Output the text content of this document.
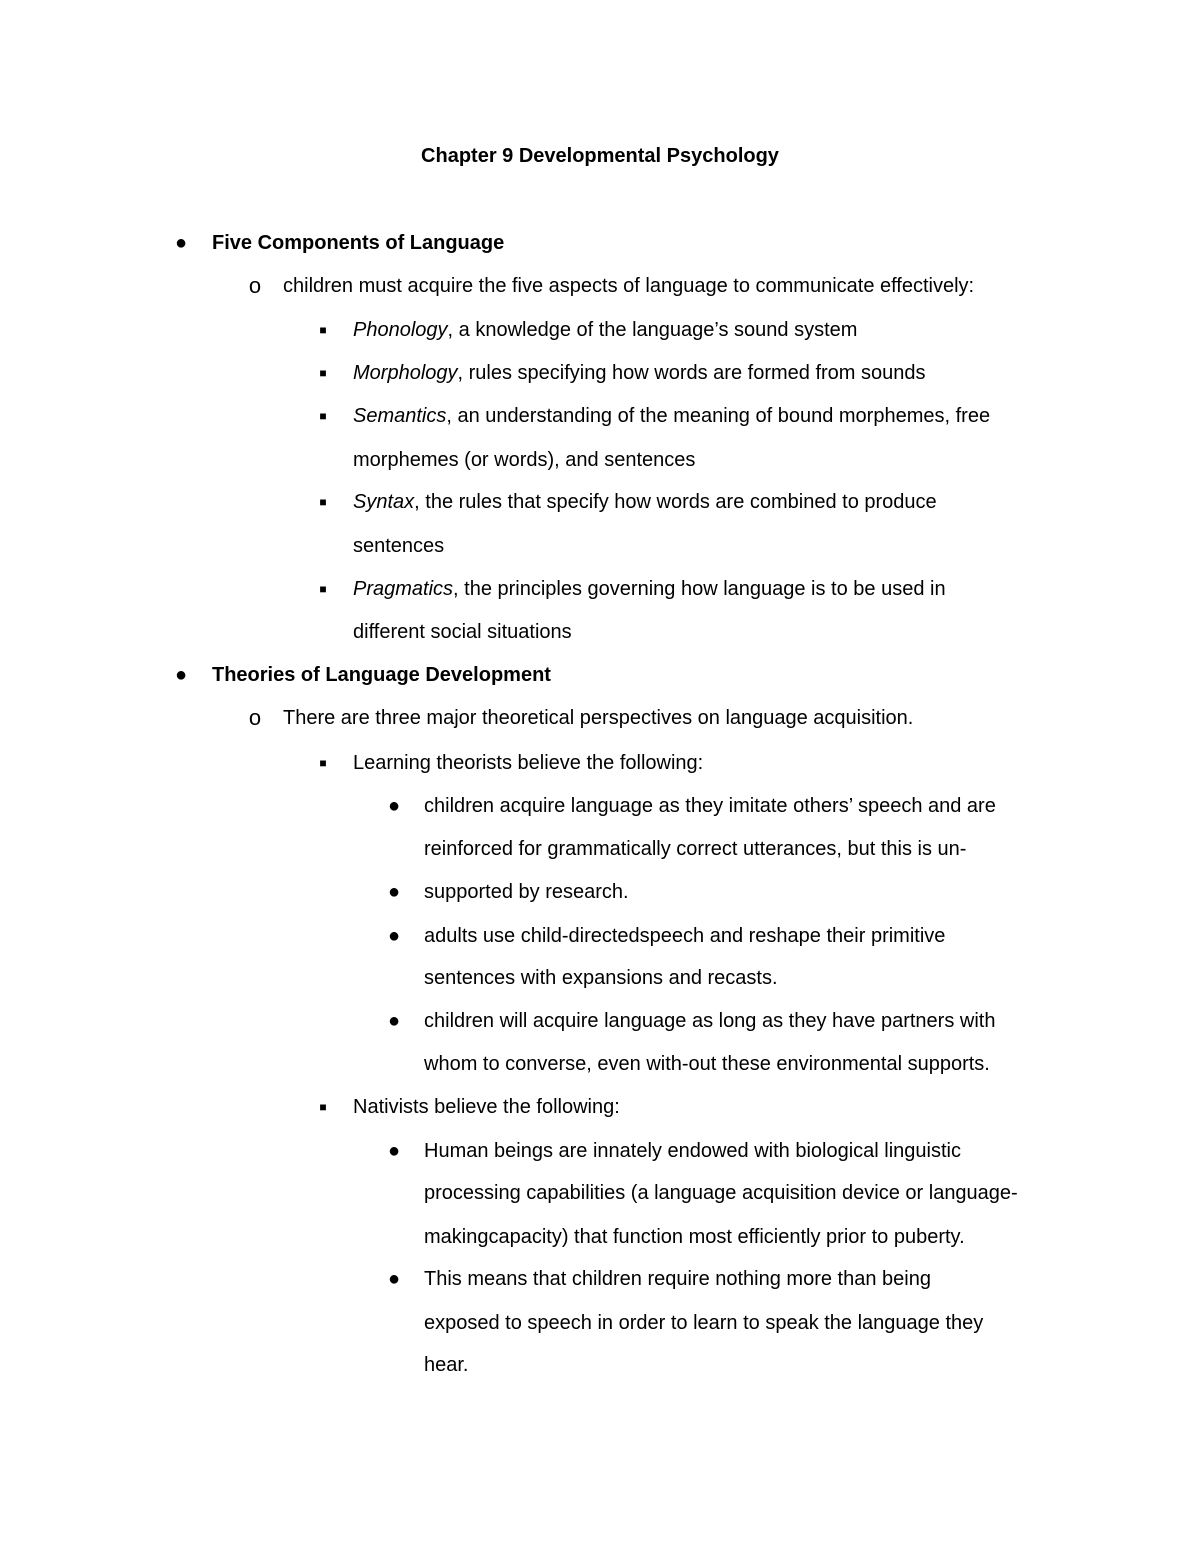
Chapter 9 Developmental Psychology
● Five Components of Language
o children must acquire the five aspects of language to communicate effectively:
■	Phonology, a knowledge of the language’s sound system
■	Morphology, rules specifying how words are formed from sounds
■	Semantics, an understanding of the meaning of bound morphemes, free
morphemes (or words), and sentences
■	Syntax, the rules that specify how words are combined to produce
sentences
■	Pragmatics, the principles governing how language is to be used in
different social situations
● Theories of Language Development
o There are three major theoretical perspectives on language acquisition.
■	Learning theorists believe the following:
● children acquire language as they imitate others’ speech and are
reinforced for grammatically correct utterances, but this is un-
● supported by research.
● adults use child-directedspeech and reshape their primitive
sentences with expansions and recasts.
● children will acquire language as long as they have partners with
whom to converse, even with-out these environmental supports.
■	Nativists believe the following:
● Human beings are innately endowed with biological linguistic
processing capabilities (a language acquisition device or language-
makingcapacity) that function most efficiently prior to puberty.
● This means that children require nothing more than being
exposed to speech in order to learn to speak the language they
hear.
